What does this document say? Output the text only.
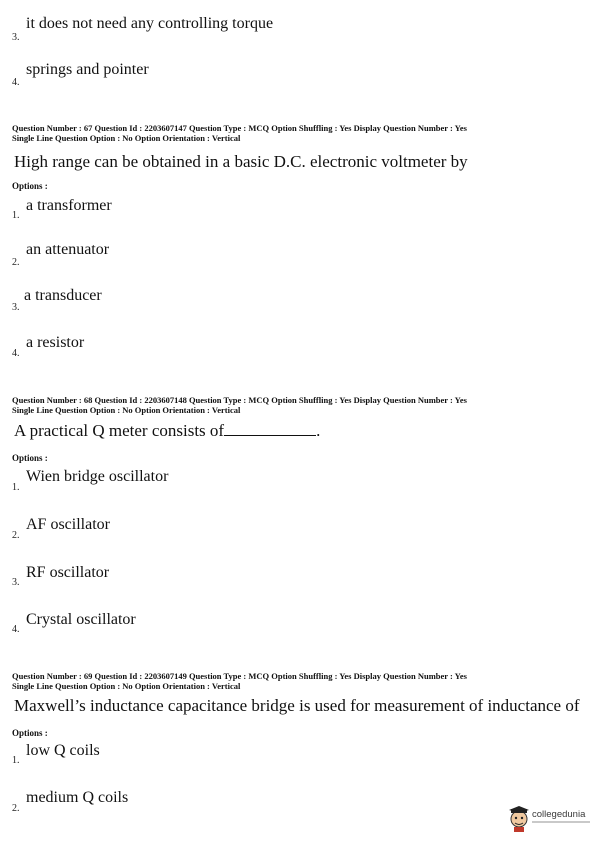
3.
it does not need any controlling torque
4.
springs and pointer
Question Number : 67 Question Id : 2203607147 Question Type : MCQ Option Shuffling : Yes Display Question Number : Yes
Single Line Question Option : No Option Orientation : Vertical
High range can be obtained in a basic D.C. electronic voltmeter by
Options :
1.
a transformer
2.
an attenuator
3.
a transducer
4.
a resistor
Question Number : 68 Question Id : 2203607148 Question Type : MCQ Option Shuffling : Yes Display Question Number : Yes
Single Line Question Option : No Option Orientation : Vertical
A practical Q meter consists of	.
Options :
1.
Wien bridge oscillator
2.
AF oscillator
3.
RF oscillator
4.
Crystal oscillator
Question Number : 69 Question Id : 2203607149 Question Type : MCQ Option Shuffling : Yes Display Question Number : Yes
Single Line Question Option : No Option Orientation : Vertical
Maxwell’s inductance capacitance bridge is used for measurement of inductance of
Options :
1.
low Q coils
2.
medium Q coils
collegedunia
